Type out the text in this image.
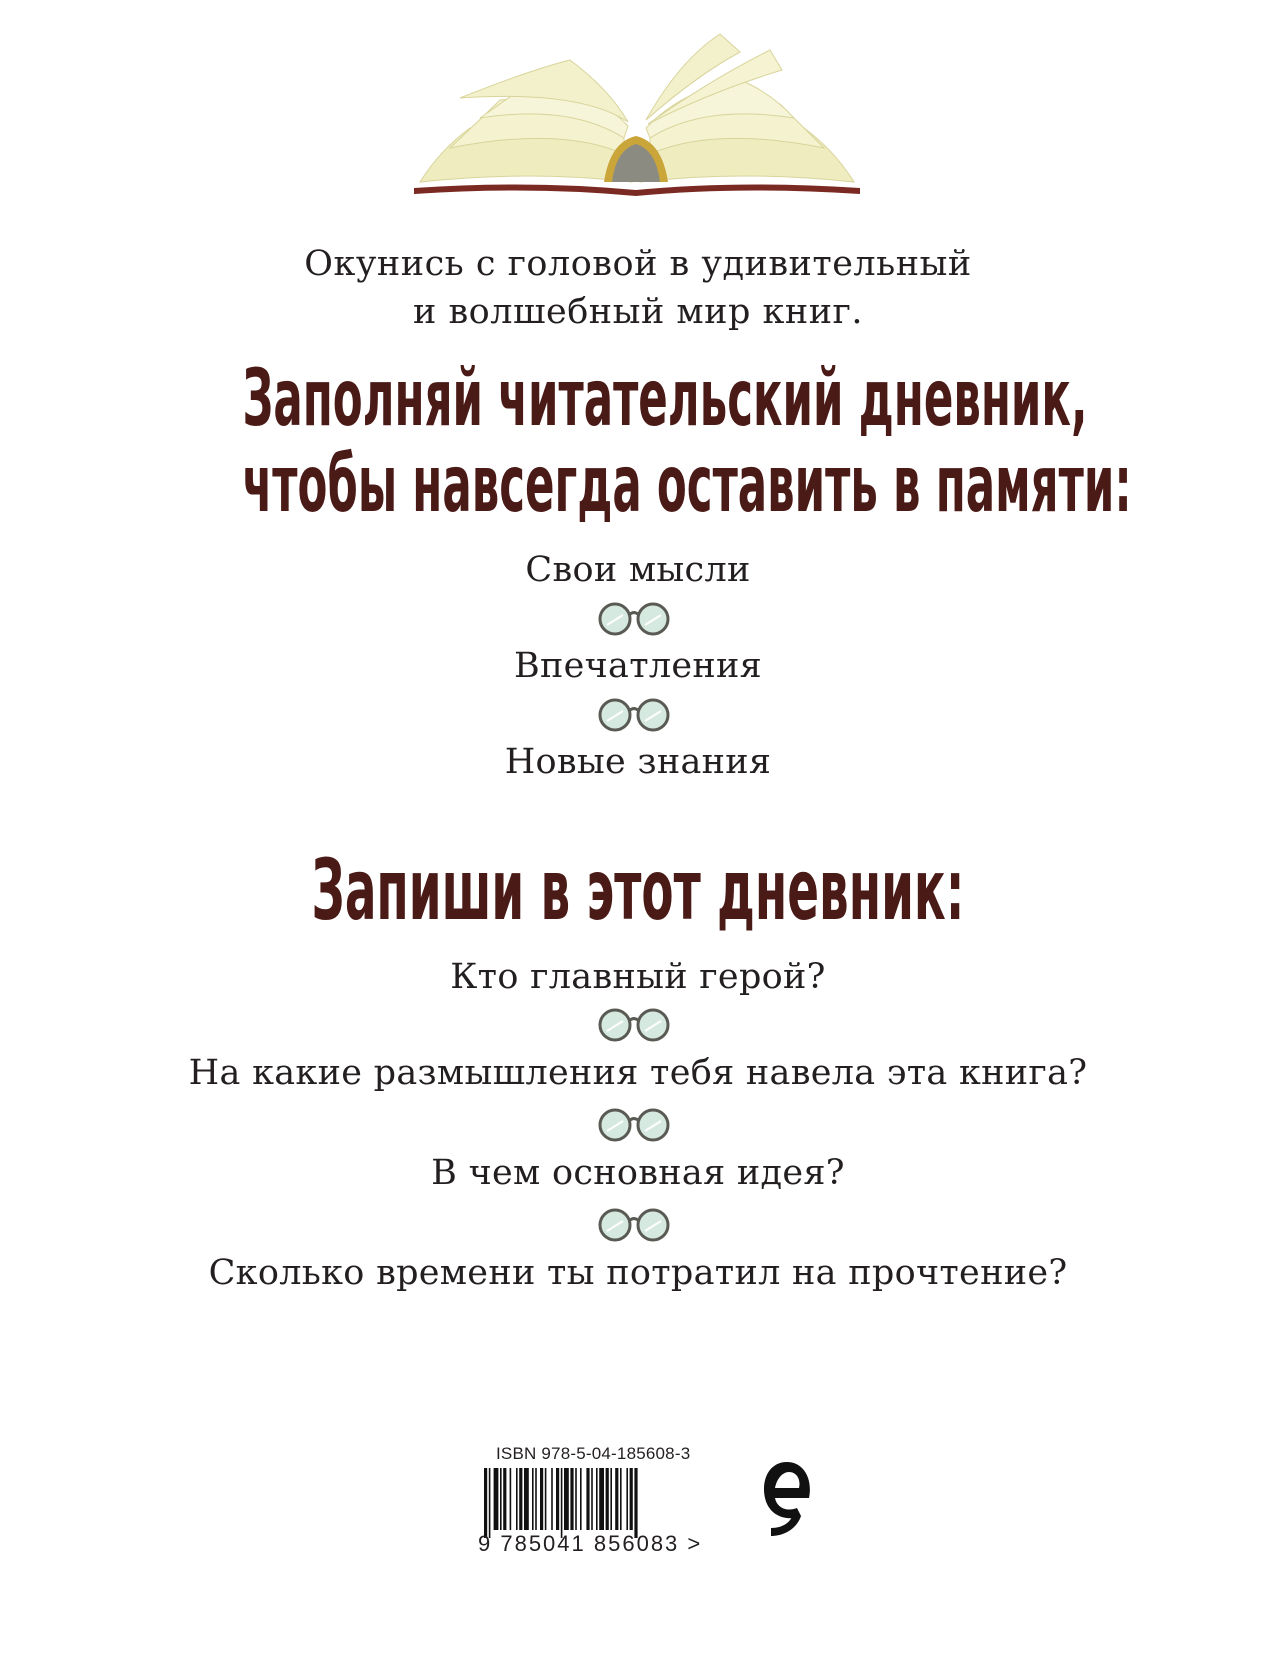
Окунись с головой в удивительный
и волшебный мир книг.
Заполняй читательский дневник,
чтобы навсегда оставить в памяти:
Свои мысли
Впечатления
Новые знания
Запиши в этот дневник:
Кто главный герой?
На какие размышления тебя навела эта книга?
В чем основная идея?
Сколько времени ты потратил на прочтение?
ISBN 978-5-04-185608-3
9 785041 856083 >
